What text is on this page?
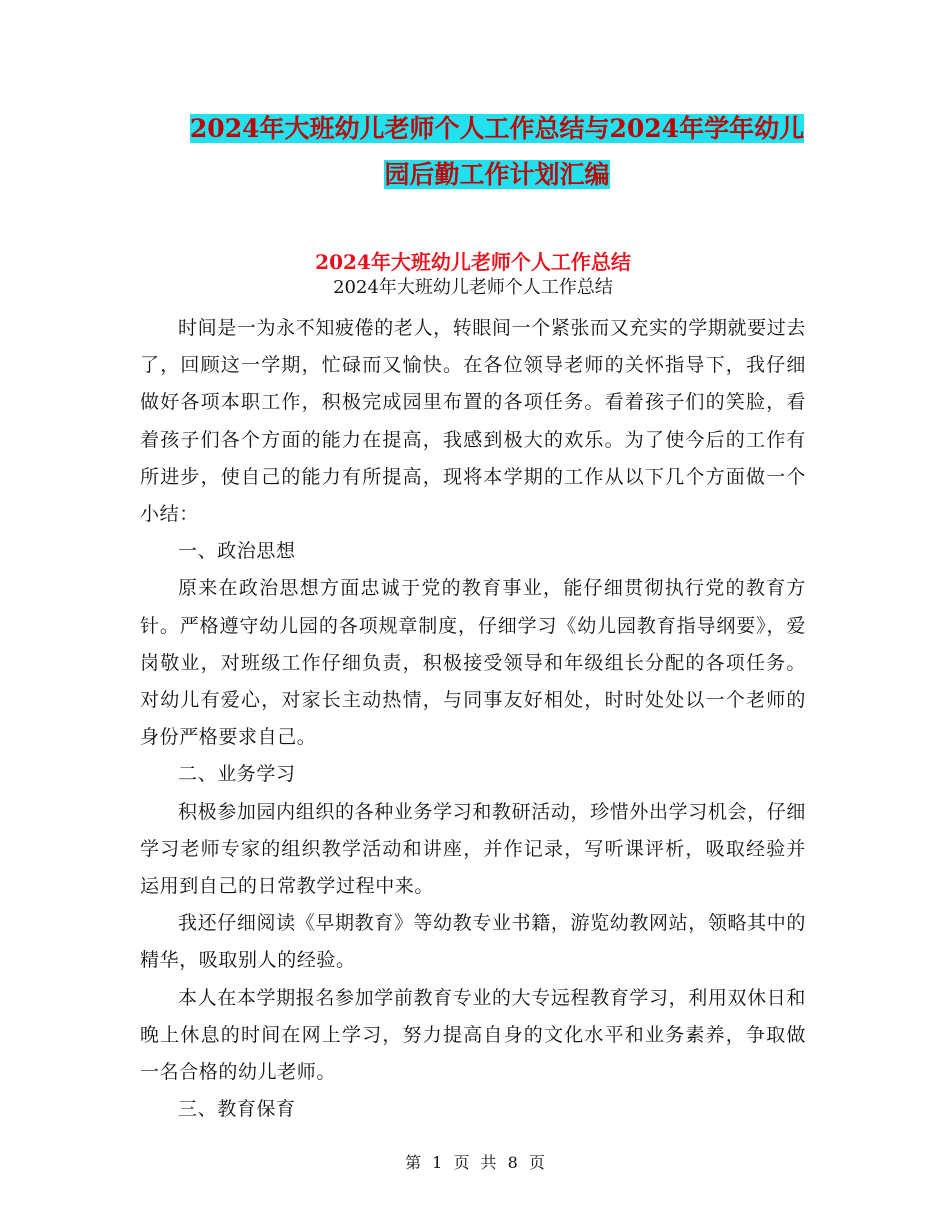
2024年大班幼儿老师个人工作总结与2024年学年幼儿
园后勤工作计划汇编
2024年大班幼儿老师个人工作总结
2024年大班幼儿老师个人工作总结

时间是一为永不知疲倦的老人，转眼间一个紧张而又充实的学期就要过去了，回顾这一学期，忙碌而又愉快。在各位领导老师的关怀指导下，我仔细做好各项本职工作，积极完成园里布置的各项任务。看着孩子们的笑脸，看着孩子们各个方面的能力在提高，我感到极大的欢乐。为了使今后的工作有所进步，使自己的能力有所提高，现将本学期的工作从以下几个方面做一个小结：

一、政治思想

原来在政治思想方面忠诚于党的教育事业，能仔细贯彻执行党的教育方针。严格遵守幼儿园的各项规章制度，仔细学习《幼儿园教育指导纲要》，爱岗敬业，对班级工作仔细负责，积极接受领导和年级组长分配的各项任务。对幼儿有爱心，对家长主动热情，与同事友好相处，时时处处以一个老师的身份严格要求自己。

二、业务学习

积极参加园内组织的各种业务学习和教研活动，珍惜外出学习机会，仔细学习老师专家的组织教学活动和讲座，并作记录，写听课评析，吸取经验并运用到自己的日常教学过程中来。

我还仔细阅读《早期教育》等幼教专业书籍，游览幼教网站，领略其中的精华，吸取别人的经验。

本人在本学期报名参加学前教育专业的大专远程教育学习，利用双休日和晚上休息的时间在网上学习，努力提高自身的文化水平和业务素养，争取做一名合格的幼儿老师。

三、教育保育

第 1 页 共 8 页
